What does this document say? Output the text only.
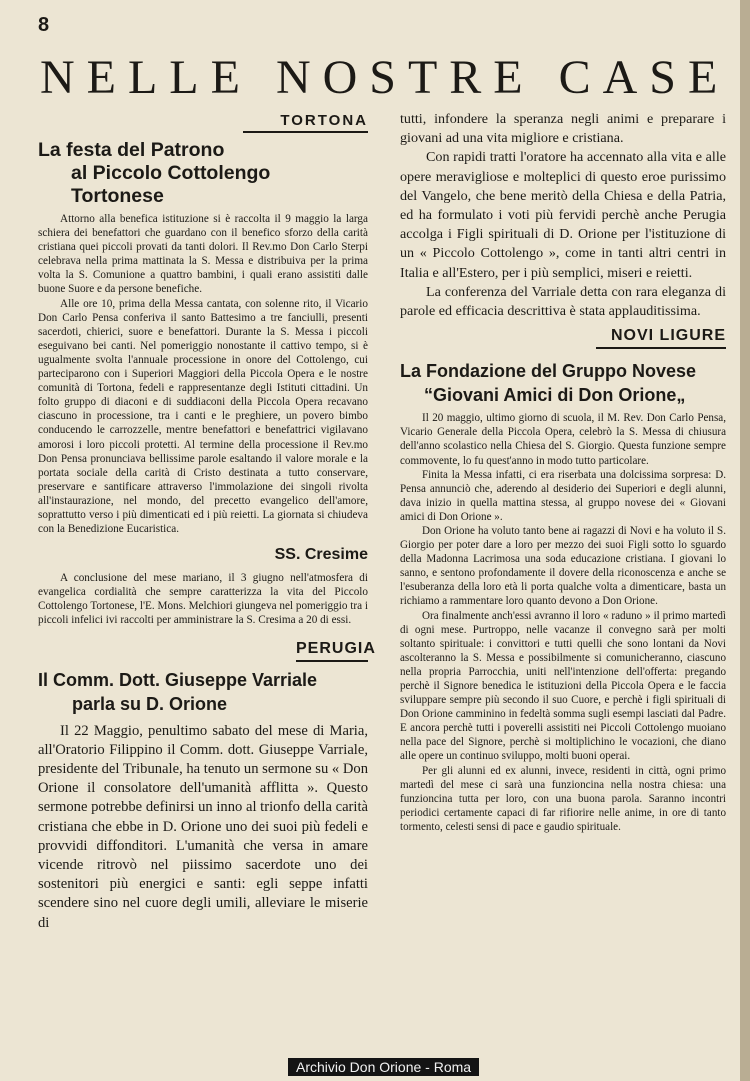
8
NELLE NOSTRE CASE
TORTONA
La festa del Patrono
al Piccolo Cottolengo Tortonese

Attorno alla benefica istituzione si è raccolta il 9 maggio la larga schiera dei benefattori che guardano con il benefico sforzo della carità cristiana quei piccoli provati da tanti dolori. Il Rev.mo Don Carlo Sterpi celebrava nella prima mattinata la S. Messa e distribuiva per la prima volta la S. Comunione a quattro bambini, i quali erano assistiti dalle buone Suore e da persone benefiche.

Alle ore 10, prima della Messa cantata, con solenne rito, il Vicario Don Carlo Pensa conferiva il santo Battesimo a tre fanciulli, presenti sacerdoti, chierici, suore e benefattori. Durante la S. Messa i piccoli eseguivano bei canti. Nel pomeriggio nonostante il cattivo tempo, si è ugualmente svolta l'annuale processione in onore del Cottolengo, cui parteciparono con i Superiori Maggiori della Piccola Opera e le nostre comunità di Tortona, fedeli e rappresentanze degli Istituti cittadini. Un folto gruppo di diaconi e di suddiaconi della Piccola Opera recavano ciascuno in processione, tra i canti e le preghiere, un povero bimbo conducendo le carrozzelle, mentre benefattori e benefattrici vigilavano amorosi i loro piccoli protetti. Al termine della processione il Rev.mo Don Pensa pronunciava bellissime parole esaltando il valore morale e la portata sociale della carità di Cristo destinata a tutto conservare, preservare e santificare attraverso l'immolazione dei singoli rivolta all'instaurazione, nel mondo, del precetto evangelico dell'amore, soprattutto verso i più dimenticati ed i più reietti. La giornata si chiudeva con la Benedizione Eucaristica.

SS. Cresime

A conclusione del mese mariano, il 3 giugno nell'atmosfera di evangelica cordialità che sempre caratterizza la vita del Piccolo Cottolengo Tortonese, l'E. Mons. Melchiori giungeva nel pomeriggio tra i piccoli infelici ivi raccolti per amministrare la S. Cresima a 20 di essi.

PERUGIA
Il Comm. Dott. Giuseppe Varriale
parla su D. Orione

Il 22 Maggio, penultimo sabato del mese di Maria, all'Oratorio Filippino il Comm. dott. Giuseppe Varriale, presidente del Tribunale, ha tenuto un sermone su « Don Orione il consolatore dell'umanità afflitta ». Questo sermone potrebbe definirsi un inno al trionfo della carità cristiana che ebbe in D. Orione uno dei suoi più fedeli e provvidi diffonditori. L'umanità che versa in amare vicende ritrovò nel piissimo sacerdote uno dei sostenitori più energici e santi: egli seppe infatti scendere sino nel cuore degli umili, alleviare le miserie di

tutti, infondere la speranza negli animi e preparare i giovani ad una vita migliore e cristiana.

Con rapidi tratti l'oratore ha accennato alla vita e alle opere meravigliose e molteplici di questo eroe purissimo del Vangelo, che bene meritò della Chiesa e della Patria, ed ha formulato i voti più fervidi perchè anche Perugia accolga i Figli spirituali di D. Orione per l'istituzione di un « Piccolo Cottolengo », come in tanti altri centri in Italia e all'Estero, per i più semplici, miseri e reietti.

La conferenza del Varriale detta con rara eleganza di parole ed efficacia descrittiva è stata applauditissima.

NOVI LIGURE
La Fondazione del Gruppo Novese
“Giovani Amici di Don Orione„

Il 20 maggio, ultimo giorno di scuola, il M. Rev. Don Carlo Pensa, Vicario Generale della Piccola Opera, celebrò la S. Messa di chiusura dell'anno scolastico nella Chiesa del S. Giorgio. Questa funzione sempre commovente, lo fu quest'anno in modo tutto particolare.

Finita la Messa infatti, ci era riserbata una dolcissima sorpresa: D. Pensa annunciò che, aderendo al desiderio dei Superiori e degli alunni, dava inizio in quella mattina stessa, al gruppo novese dei « Giovani amici di Don Orione ».

Don Orione ha voluto tanto bene ai ragazzi di Novi e ha voluto il S. Giorgio per poter dare a loro per mezzo dei suoi Figli sotto lo sguardo della Madonna Lacrimosa una soda educazione cristiana. I giovani lo sanno, e sentono profondamente il dovere della riconoscenza e anche se l'esuberanza della loro età li porta qualche volta a dimenticare, basta un richiamo a rammentare loro quanto devono a Don Orione.

Ora finalmente anch'essi avranno il loro « raduno » il primo martedì di ogni mese. Purtroppo, nelle vacanze il convegno sarà per molti soltanto spirituale: i convittori e tutti quelli che sono lontani da Novi ascolteranno la S. Messa e possibilmente si comunicheranno, ciascuno nella propria Parrocchia, uniti nell'intenzione dell'offerta: pregando perchè il Signore benedica le istituzioni della Piccola Opera e le faccia sviluppare sempre più secondo il suo Cuore, e perchè i figli spirituali di Don Orione camminino in fedeltà somma sugli esempi lasciati dal Padre. E ancora perchè tutti i poverelli assistiti nei Piccoli Cottolengo muoiano nella pace del Signore, perchè si moltiplichino le vocazioni, che diano alle opere un continuo sviluppo, molti buoni operai.

Per gli alunni ed ex alunni, invece, residenti in città, ogni primo martedì del mese ci sarà una funzioncina nella nostra chiesa: una funzioncina tutta per loro, con una buona parola. Saranno incontri periodici certamente capaci di far rifiorire nelle anime, in ore di tanto tormento, celesti sensi di pace e gaudio spirituale.

Archivio Don Orione - Roma
